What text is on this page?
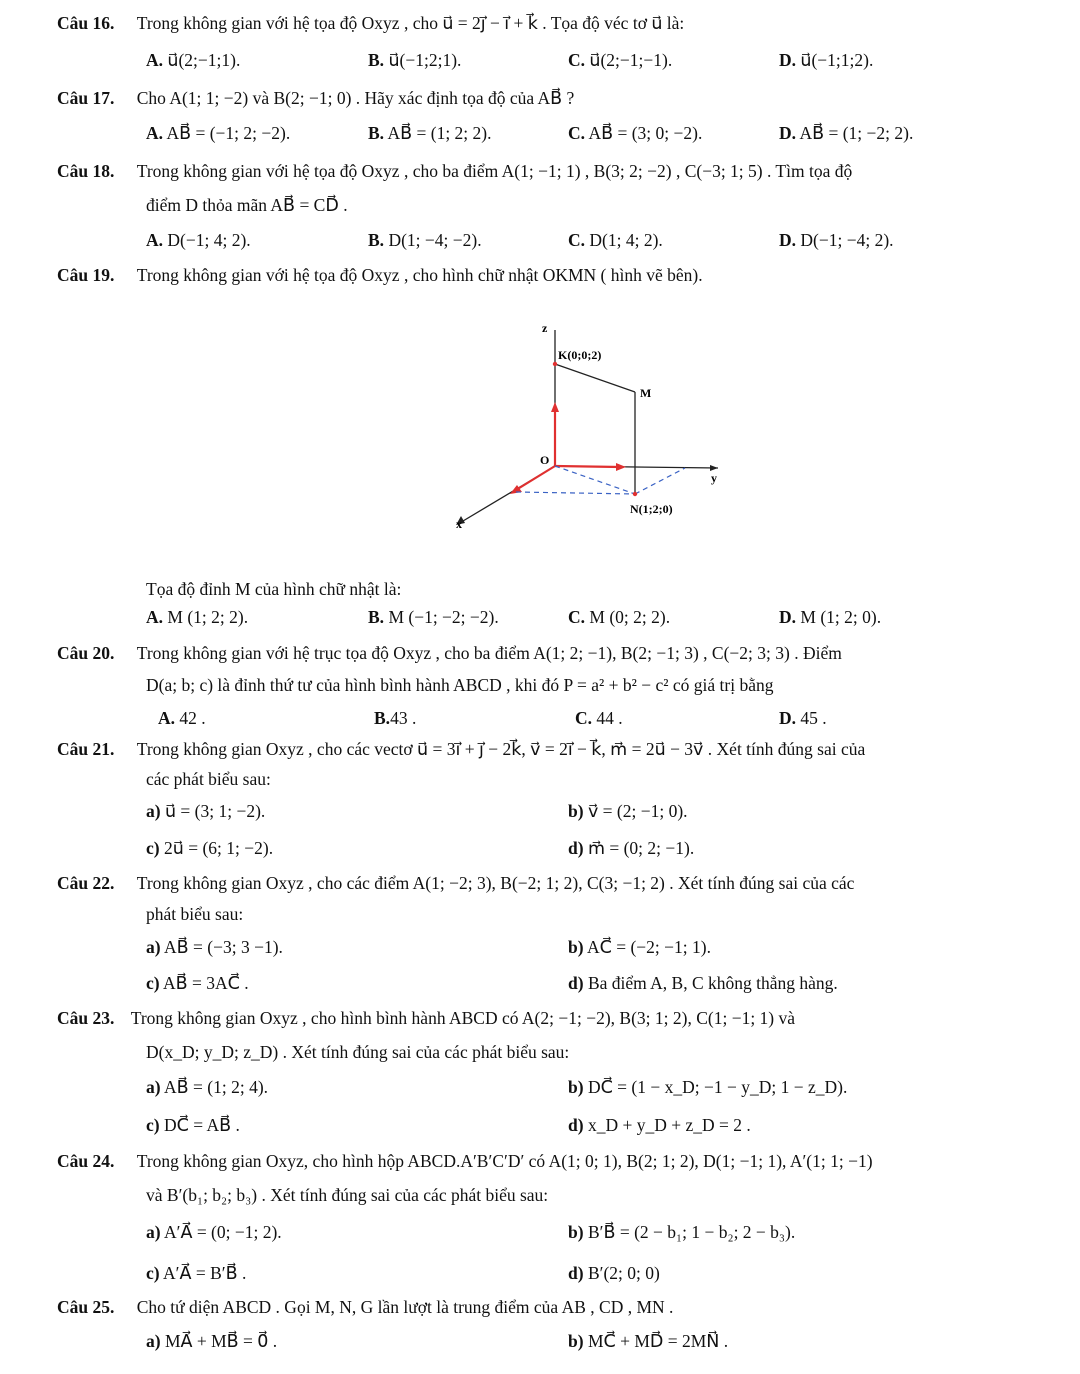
Câu 16. Trong không gian với hệ tọa độ Oxyz , cho u⃗ = 2j⃗ − i⃗ + k⃗ . Tọa độ véc tơ u⃗ là:
A. u⃗(2;−1;1).	B. u⃗(−1;2;1).	C. u⃗(2;−1;−1).	D. u⃗(−1;1;2).
Câu 17. Cho A(1; 1; −2) và B(2; −1; 0) . Hãy xác định tọa độ của AB⃗ ?
A. AB⃗ = (−1; 2; −2).	B. AB⃗ = (1; 2; 2).	C. AB⃗ = (3; 0; −2).	D. AB⃗ = (1; −2; 2).
Câu 18. Trong không gian với hệ tọa độ Oxyz , cho ba điểm A(1; −1; 1) , B(3; 2; −2) , C(−3; 1; 5) . Tìm tọa độ
điểm D thỏa mãn AB⃗ = CD⃗ .
A. D(−1; 4; 2).	B. D(1; −4; −2).	C. D(1; 4; 2).	D. D(−1; −4; 2).
Câu 19. Trong không gian với hệ tọa độ Oxyz , cho hình chữ nhật OKMN ( hình vẽ bên).
z
K(0;0;2)
M
O
y
N(1;2;0)
x
Tọa độ đỉnh M của hình chữ nhật là:
A. M (1; 2; 2).	B. M (−1; −2; −2).	C. M (0; 2; 2).	D. M (1; 2; 0).
Câu 20. Trong không gian với hệ trục tọa độ Oxyz , cho ba điểm A(1; 2; −1), B(2; −1; 3) , C(−2; 3; 3) . Điểm
D(a; b; c) là đỉnh thứ tư của hình bình hành ABCD , khi đó P = a² + b² − c² có giá trị bằng
A. 42 .	B.43 .	C. 44 .	D. 45 .
Câu 21. Trong không gian Oxyz , cho các vectơ u⃗ = 3i⃗ + j⃗ − 2k⃗, v⃗ = 2i⃗ − k⃗, m⃗ = 2u⃗ − 3v⃗ . Xét tính đúng sai của
các phát biểu sau:
a) u⃗ = (3; 1; −2).	b) v⃗ = (2; −1; 0).
c) 2u⃗ = (6; 1; −2).	d) m⃗ = (0; 2; −1).
Câu 22. Trong không gian Oxyz , cho các điểm A(1; −2; 3), B(−2; 1; 2), C(3; −1; 2) . Xét tính đúng sai của các
phát biểu sau:
a) AB⃗ = (−3; 3 −1).	b) AC⃗ = (−2; −1; 1).
c) AB⃗ = 3AC⃗ .	d) Ba điểm A, B, C không thẳng hàng.
Câu 23. Trong không gian Oxyz , cho hình bình hành ABCD có A(2; −1; −2), B(3; 1; 2), C(1; −1; 1) và
D(x_D; y_D; z_D) . Xét tính đúng sai của các phát biểu sau:
a) AB⃗ = (1; 2; 4).	b) DC⃗ = (1 − x_D; −1 − y_D; 1 − z_D).
c) DC⃗ = AB⃗ .	d) x_D + y_D + z_D = 2 .
Câu 24. Trong không gian Oxyz, cho hình hộp ABCD.A′B′C′D′ có A(1; 0; 1), B(2; 1; 2), D(1; −1; 1), A′(1; 1; −1)
và B′(b₁; b₂; b₃) . Xét tính đúng sai của các phát biểu sau:
a) A′A⃗ = (0; −1; 2).	b) B′B⃗ = (2 − b₁; 1 − b₂; 2 − b₃).
c) A′A⃗ = B′B⃗ .	d) B′(2; 0; 0)
Câu 25. Cho tứ diện ABCD . Gọi M, N, G lần lượt là trung điểm của AB , CD , MN .
a) MA⃗ + MB⃗ = 0⃗ .	b) MC⃗ + MD⃗ = 2MN⃗ .
